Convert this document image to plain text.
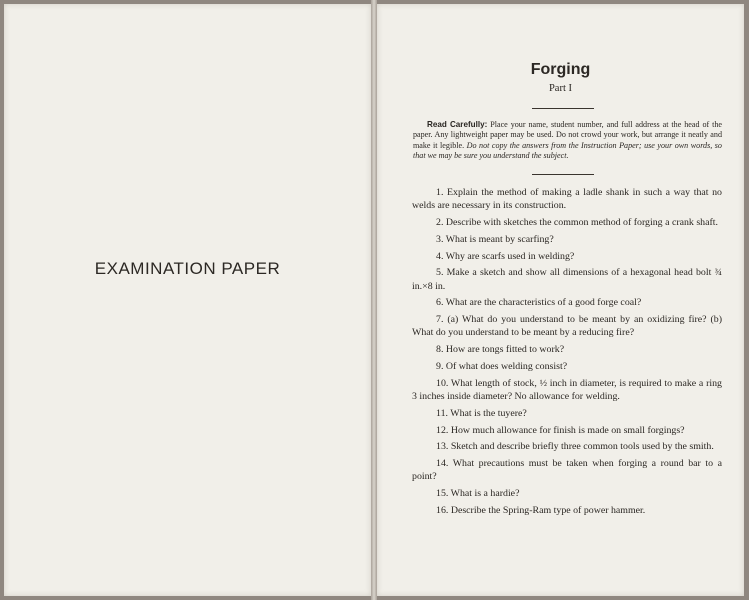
EXAMINATION PAPER
Forging
Part I
Read Carefully: Place your name, student number, and full address at the head of the paper. Any lightweight paper may be used. Do not crowd your work, but arrange it neatly and make it legible. Do not copy the answers from the Instruction Paper; use your own words, so that we may be sure you understand the subject.
1. Explain the method of making a ladle shank in such a way that no welds are necessary in its construction.
2. Describe with sketches the common method of forging a crank shaft.
3. What is meant by scarfing?
4. Why are scarfs used in welding?
5. Make a sketch and show all dimensions of a hexagonal head bolt ¾ in.×8 in.
6. What are the characteristics of a good forge coal?
7. (a) What do you understand to be meant by an oxidizing fire? (b) What do you understand to be meant by a reducing fire?
8. How are tongs fitted to work?
9. Of what does welding consist?
10. What length of stock, ½ inch in diameter, is required to make a ring 3 inches inside diameter? No allowance for welding.
11. What is the tuyere?
12. How much allowance for finish is made on small forgings?
13. Sketch and describe briefly three common tools used by the smith.
14. What precautions must be taken when forging a round bar to a point?
15. What is a hardie?
16. Describe the Spring-Ram type of power hammer.
